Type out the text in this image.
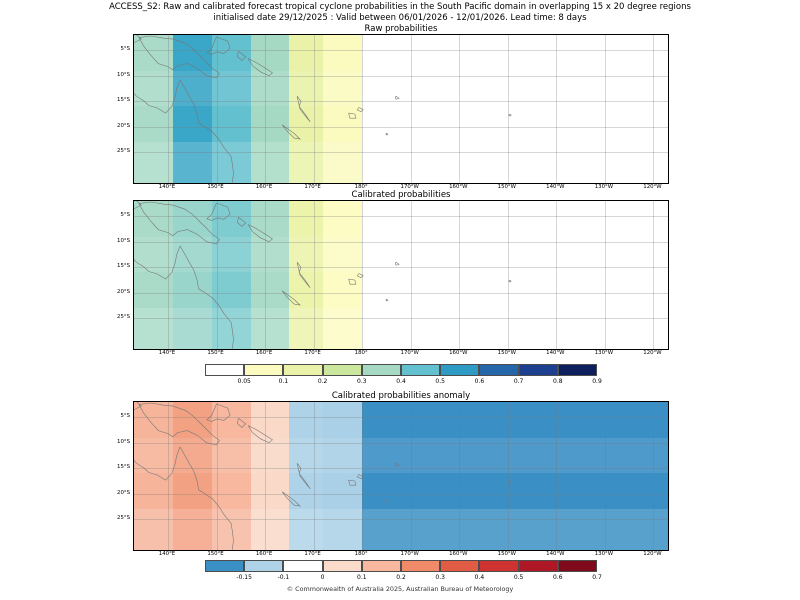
ACCESS_S2: Raw and calibrated forecast tropical cyclone probabilities in the South Pacific domain in overlapping 15 x 20 degree regions
initialised date 29/12/2025 : Valid between 06/01/2026 - 12/01/2026. Lead time: 8 days
Raw probabilities
Calibrated probabilities
Calibrated probabilities anomaly
© Commonwealth of Australia 2025, Australian Bureau of Meteorology
140°E	150°E	160°E	170°E	180°	170°W	160°W	150°W	140°W	130°W	120°W
5°S
10°S
15°S
20°S
25°S
140°E	150°E	160°E	170°E	180°	170°W	160°W	150°W	140°W	130°W	120°W
5°S
10°S
15°S
20°S
25°S
140°E	150°E	160°E	170°E	180°	170°W	160°W	150°W	140°W	130°W	120°W
5°S
10°S
15°S
20°S
25°S
0.05	0.1	0.2	0.3	0.4	0.5	0.6	0.7	0.8	0.9
-0.15	-0.1	0	0.1	0.2	0.3	0.4	0.5	0.6	0.7
